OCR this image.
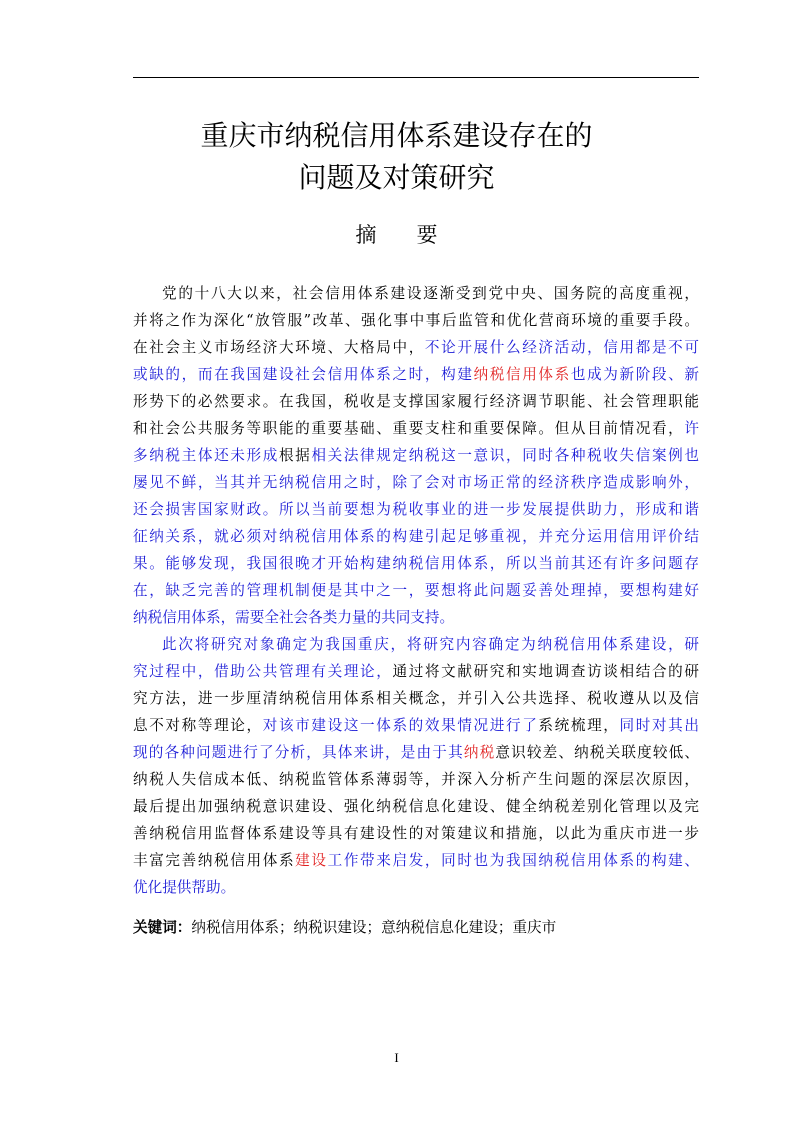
重庆市纳税信用体系建设存在的
问题及对策研究
摘要
党的十八大以来，社会信用体系建设逐渐受到党中央、国务院的高度重视，
并将之作为深化“放管服”改革、强化事中事后监管和优化营商环境的重要手段。
在社会主义市场经济大环境、大格局中，不论开展什么经济活动，信用都是不可
或缺的，而在我国建设社会信用体系之时，构建纳税信用体系也成为新阶段、新
形势下的必然要求。在我国，税收是支撑国家履行经济调节职能、社会管理职能
和社会公共服务等职能的重要基础、重要支柱和重要保障。但从目前情况看，许
多纳税主体还未形成根据相关法律规定纳税这一意识，同时各种税收失信案例也
屡见不鲜，当其并无纳税信用之时，除了会对市场正常的经济秩序造成影响外，
还会损害国家财政。所以当前要想为税收事业的进一步发展提供助力，形成和谐
征纳关系，就必须对纳税信用体系的构建引起足够重视，并充分运用信用评价结
果。能够发现，我国很晚才开始构建纳税信用体系，所以当前其还有许多问题存
在，缺乏完善的管理机制便是其中之一，要想将此问题妥善处理掉，要想构建好
纳税信用体系，需要全社会各类力量的共同支持。
此次将研究对象确定为我国重庆，将研究内容确定为纳税信用体系建设，研
究过程中，借助公共管理有关理论，通过将文献研究和实地调查访谈相结合的研
究方法，进一步厘清纳税信用体系相关概念，并引入公共选择、税收遵从以及信
息不对称等理论，对该市建设这一体系的效果情况进行了系统梳理，同时对其出
现的各种问题进行了分析，具体来讲，是由于其纳税意识较差、纳税关联度较低、
纳税人失信成本低、纳税监管体系薄弱等，并深入分析产生问题的深层次原因，
最后提出加强纳税意识建设、强化纳税信息化建设、健全纳税差别化管理以及完
善纳税信用监督体系建设等具有建设性的对策建议和措施，以此为重庆市进一步
丰富完善纳税信用体系建设工作带来启发，同时也为我国纳税信用体系的构建、
优化提供帮助。
关键词：纳税信用体系；纳税识建设；意纳税信息化建设；重庆市
I
